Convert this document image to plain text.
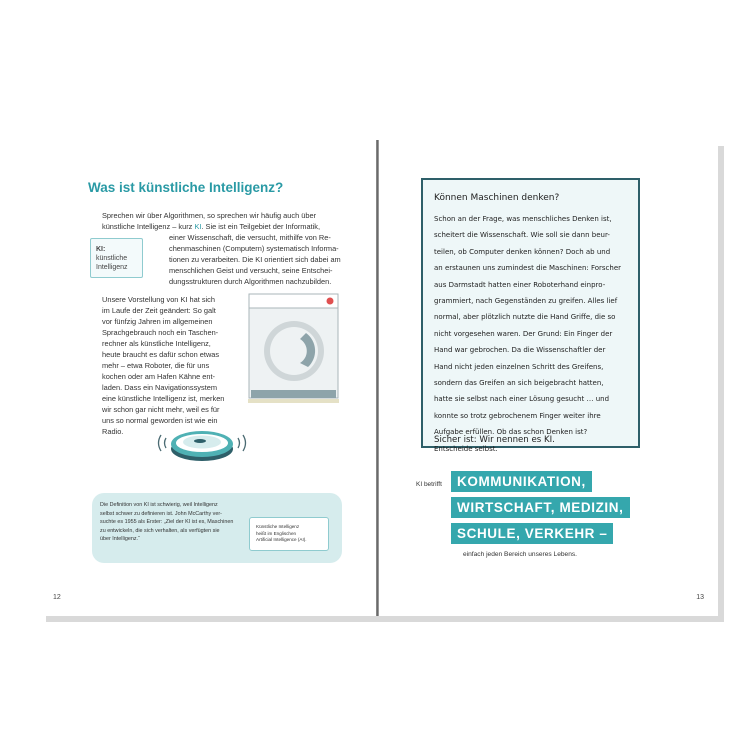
Was ist künstliche Intelligenz?
Sprechen wir über Algorithmen, so sprechen wir häufig auch über
künstliche Intelligenz – kurz KI. Sie ist ein Teilgebiet der Informatik,
einer Wissenschaft, die versucht, mithilfe von Re-
chenmaschinen (Computern) systematisch Informa-
tionen zu verarbeiten. Die KI orientiert sich dabei am
menschlichen Geist und versucht, seine Entschei-
dungsstrukturen durch Algorithmen nachzubilden.
KI: künstliche Intelligenz
Unsere Vorstellung von KI hat sich
im Laufe der Zeit geändert: So galt
vor fünfzig Jahren im allgemeinen
Sprachgebrauch noch ein Taschen-
rechner als künstliche Intelligenz,
heute braucht es dafür schon etwas
mehr – etwa Roboter, die für uns
kochen oder am Hafen Kähne ent-
laden. Dass ein Navigationssystem
eine künstliche Intelligenz ist, merken
wir schon gar nicht mehr, weil es für
uns so normal geworden ist wie ein
Radio.
Die Definition von KI ist schwierig, weil Intelligenz
selbst schwer zu definieren ist. John McCarthy ver-
suchte es 1955 als Erster: „Ziel der KI ist es, Maschinen
zu entwickeln, die sich verhalten, als verfügten sie
über Intelligenz.“
Künstliche Intelligenz
heißt im Englischen
Artificial Intelligence (AI).
12
Können Maschinen denken?
Schon an der Frage, was menschliches Denken ist,
scheitert die Wissenschaft. Wie soll sie dann beur-
teilen, ob Computer denken können? Doch ab und
an erstaunen uns zumindest die Maschinen: Forscher
aus Darmstadt hatten einer Roboterhand einpro-
grammiert, nach Gegenständen zu greifen. Alles lief
normal, aber plötzlich nutzte die Hand Griffe, die so
nicht vorgesehen waren. Der Grund: Ein Finger der
Hand war gebrochen. Da die Wissenschaftler der
Hand nicht jeden einzelnen Schritt des Greifens,
sondern das Greifen an sich beigebracht hatten,
hatte sie selbst nach einer Lösung gesucht … und
konnte so trotz gebrochenem Finger weiter ihre
Aufgabe erfüllen. Ob das schon Denken ist?
Entscheide selbst.
Sicher ist: Wir nennen es KI.
KI betrifft	KOMMUNIKATION,
WIRTSCHAFT, MEDIZIN,
SCHULE, VERKEHR –
einfach jeden Bereich unseres Lebens.
13
